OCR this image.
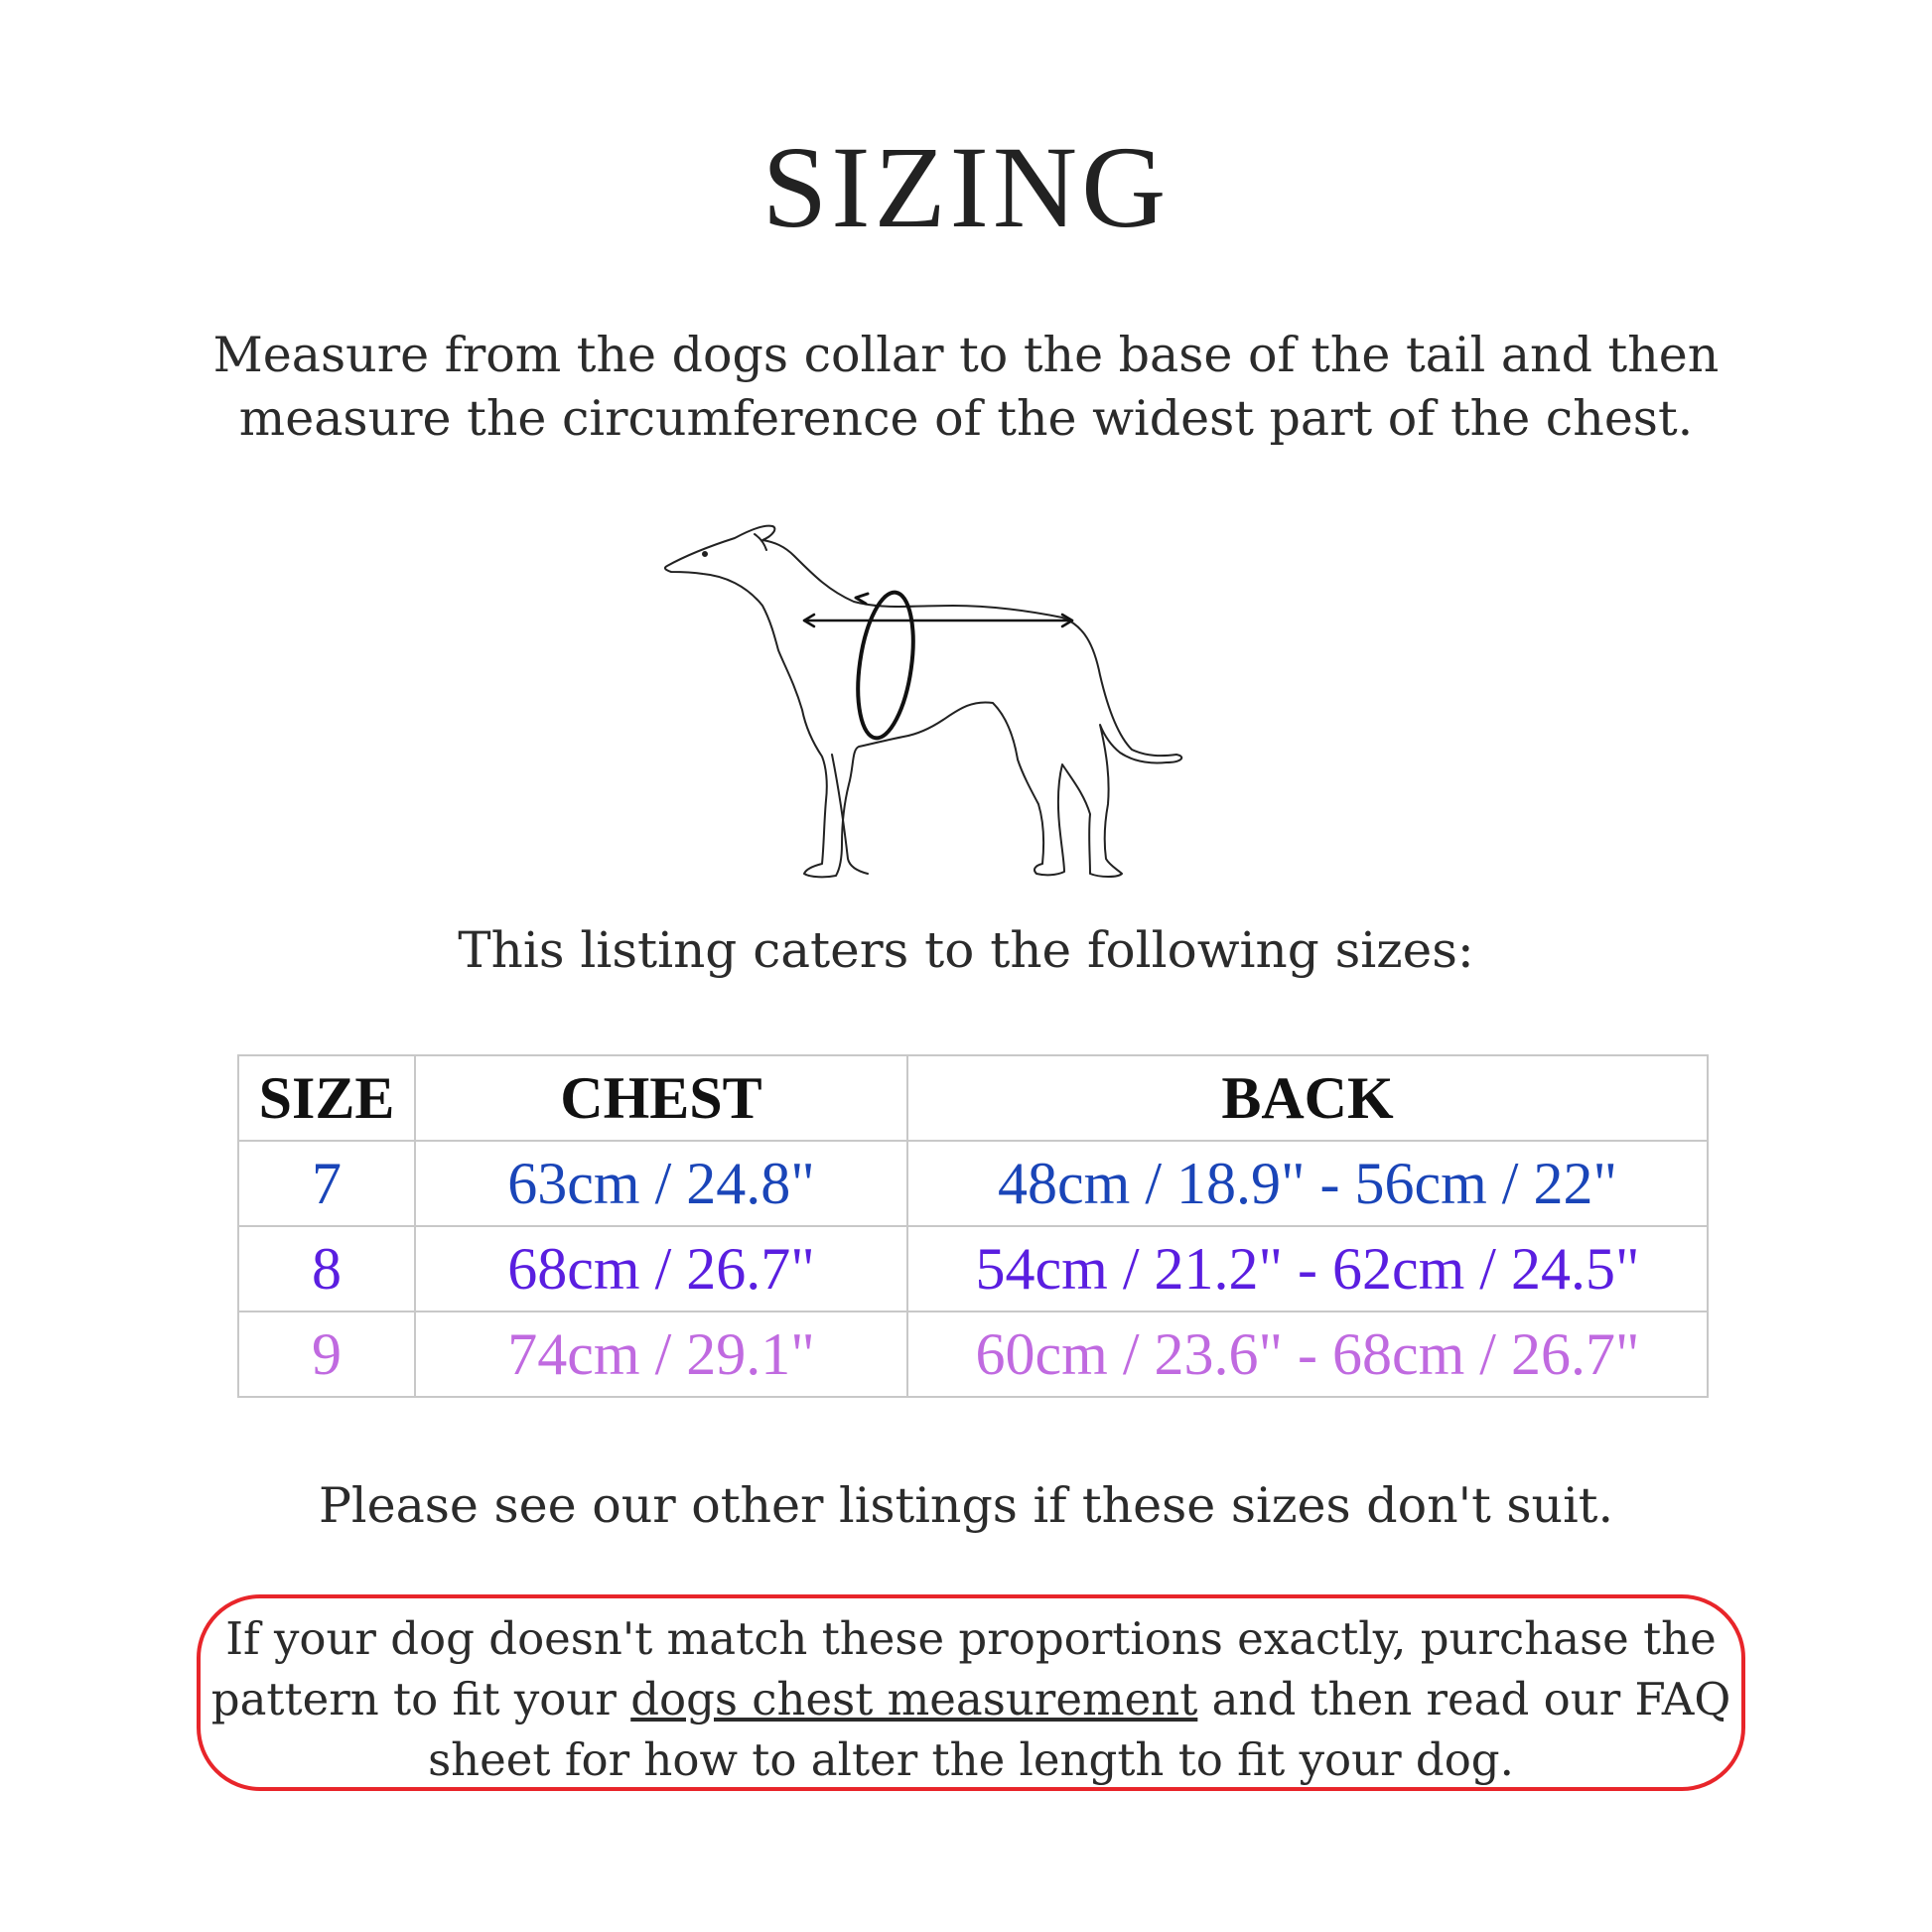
SIZING
Measure from the dogs collar to the base of the tail and then
measure the circumference of the widest part of the chest.
This listing caters to the following sizes:
SIZE	CHEST	BACK
7	63cm / 24.8"	48cm / 18.9" - 56cm / 22"
8	68cm / 26.7"	54cm / 21.2" - 62cm / 24.5"
9	74cm / 29.1"	60cm / 23.6" - 68cm / 26.7"
Please see our other listings if these sizes don't suit.
If your dog doesn't match these proportions exactly, purchase the
pattern to fit your dogs chest measurement and then read our FAQ
sheet for how to alter the length to fit your dog.
